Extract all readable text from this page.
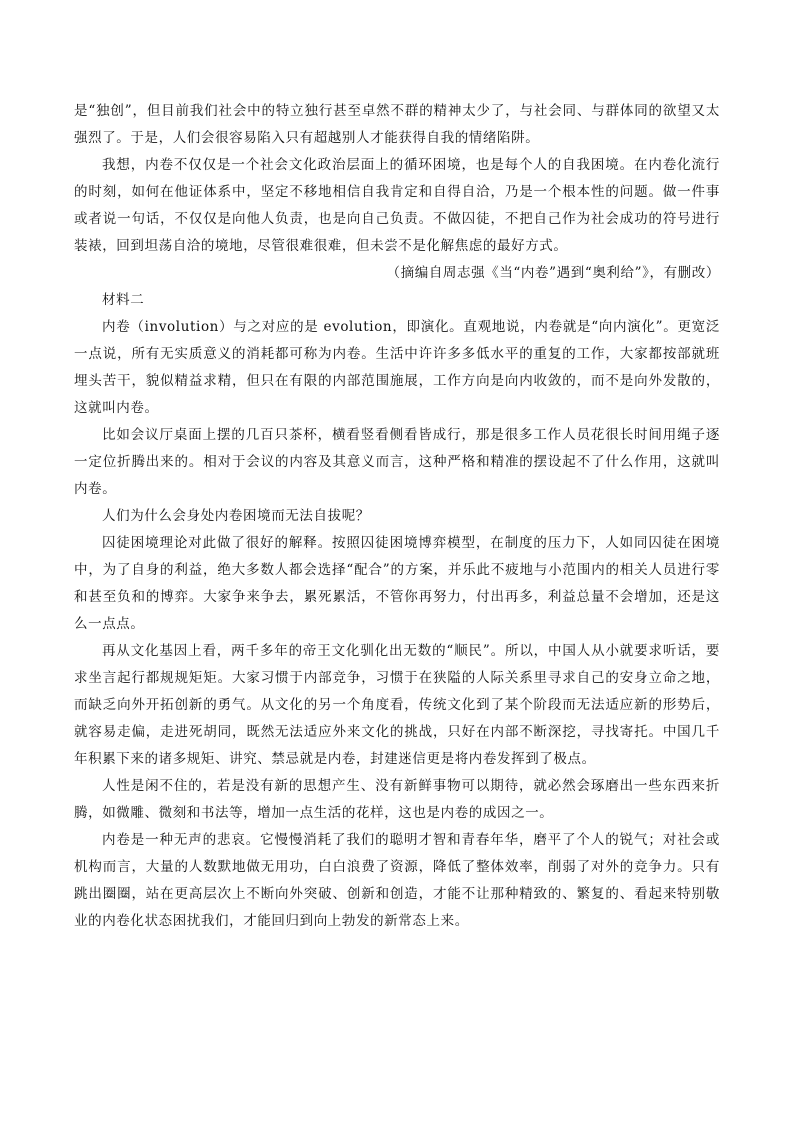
是“独创”，但目前我们社会中的特立独行甚至卓然不群的精神太少了，与社会同、与群体同的欲望又太强烈了。于是，人们会很容易陷入只有超越别人才能获得自我的情绪陷阱。

我想，内卷不仅仅是一个社会文化政治层面上的循环困境，也是每个人的自我困境。在内卷化流行的时刻，如何在他证体系中，坚定不移地相信自我肯定和自得自洽，乃是一个根本性的问题。做一件事或者说一句话，不仅仅是向他人负责，也是向自己负责。不做囚徒，不把自己作为社会成功的符号进行装裱，回到坦荡自洽的境地，尽管很难很难，但未尝不是化解焦虑的最好方式。

（摘编自周志强《当“内卷”遇到“奥利给”》，有删改）

材料二

内卷（involution）与之对应的是 evolution，即演化。直观地说，内卷就是“向内演化”。更宽泛一点说，所有无实质意义的消耗都可称为内卷。生活中许许多多低水平的重复的工作，大家都按部就班埋头苦干，貌似精益求精，但只在有限的内部范围施展，工作方向是向内收敛的，而不是向外发散的，这就叫内卷。

比如会议厅桌面上摆的几百只茶杯，横看竖看侧看皆成行，那是很多工作人员花很长时间用绳子逐一定位折腾出来的。相对于会议的内容及其意义而言，这种严格和精准的摆设起不了什么作用，这就叫内卷。

人们为什么会身处内卷困境而无法自拔呢？

囚徒困境理论对此做了很好的解释。按照囚徒困境博弈模型，在制度的压力下，人如同囚徒在困境中，为了自身的利益，绝大多数人都会选择“配合”的方案，并乐此不疲地与小范围内的相关人员进行零和甚至负和的博弈。大家争来争去，累死累活，不管你再努力，付出再多，利益总量不会增加，还是这么一点点。

再从文化基因上看，两千多年的帝王文化驯化出无数的“顺民”。所以，中国人从小就要求听话，要求坐言起行都规规矩矩。大家习惯于内部竞争，习惯于在狭隘的人际关系里寻求自己的安身立命之地，而缺乏向外开拓创新的勇气。从文化的另一个角度看，传统文化到了某个阶段而无法适应新的形势后，就容易走偏，走进死胡同，既然无法适应外来文化的挑战，只好在内部不断深挖，寻找寄托。中国几千年积累下来的诸多规矩、讲究、禁忌就是内卷，封建迷信更是将内卷发挥到了极点。

人性是闲不住的，若是没有新的思想产生、没有新鲜事物可以期待，就必然会琢磨出一些东西来折腾，如微雕、微刻和书法等，增加一点生活的花样，这也是内卷的成因之一。

内卷是一种无声的悲哀。它慢慢消耗了我们的聪明才智和青春年华，磨平了个人的锐气；对社会或机构而言，大量的人数默地做无用功，白白浪费了资源，降低了整体效率，削弱了对外的竞争力。只有跳出圈圈，站在更高层次上不断向外突破、创新和创造，才能不让那种精致的、繁复的、看起来特别敬业的内卷化状态困扰我们，才能回归到向上勃发的新常态上来。
